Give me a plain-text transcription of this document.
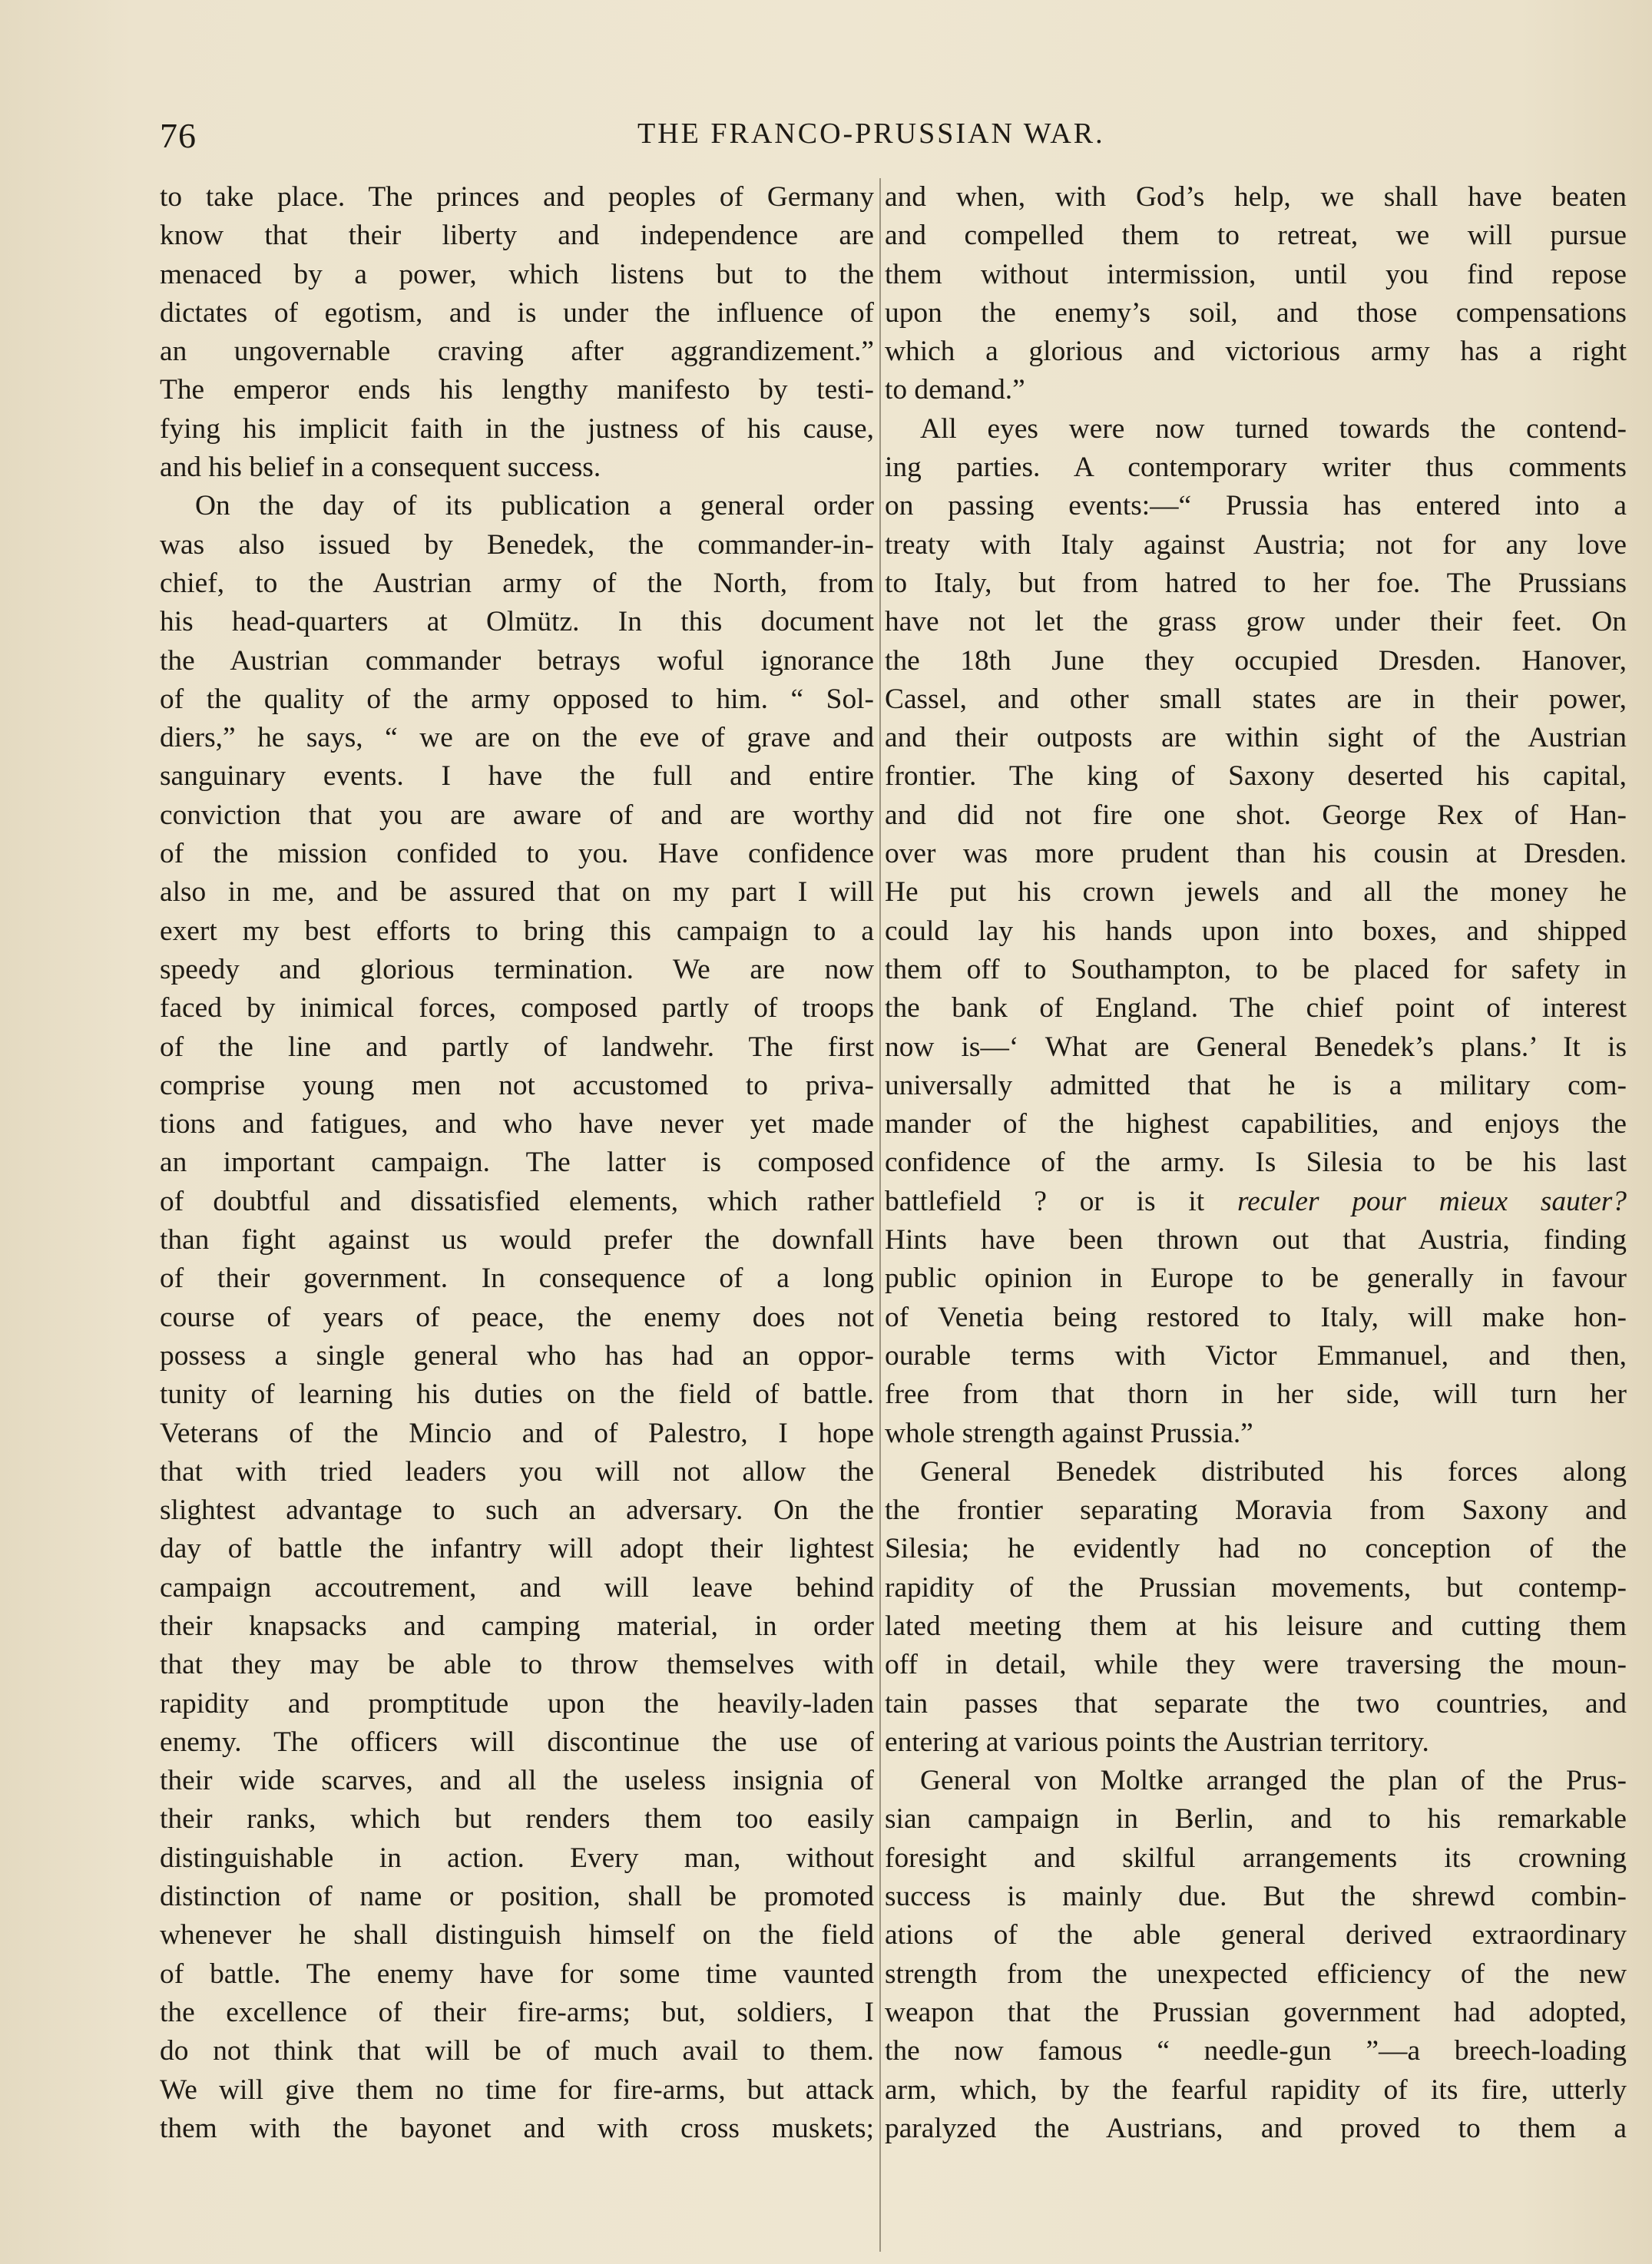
76	THE FRANCO-PRUSSIAN WAR.
to take place. The princes and peoples of Germany
know that their liberty and independence are
menaced by a power, which listens but to the
dictates of egotism, and is under the influence of
an ungovernable craving after aggrandizement.”
The emperor ends his lengthy manifesto by testi-
fying his implicit faith in the justness of his cause,
and his belief in a consequent success.
On the day of its publication a general order
was also issued by Benedek, the commander-in-
chief, to the Austrian army of the North, from
his head-quarters at Olmütz. In this document
the Austrian commander betrays woful ignorance
of the quality of the army opposed to him. “ Sol-
diers,” he says, “ we are on the eve of grave and
sanguinary events. I have the full and entire
conviction that you are aware of and are worthy
of the mission confided to you. Have confidence
also in me, and be assured that on my part I will
exert my best efforts to bring this campaign to a
speedy and glorious termination. We are now
faced by inimical forces, composed partly of troops
of the line and partly of landwehr. The first
comprise young men not accustomed to priva-
tions and fatigues, and who have never yet made
an important campaign. The latter is composed
of doubtful and dissatisfied elements, which rather
than fight against us would prefer the downfall
of their government. In consequence of a long
course of years of peace, the enemy does not
possess a single general who has had an oppor-
tunity of learning his duties on the field of battle.
Veterans of the Mincio and of Palestro, I hope
that with tried leaders you will not allow the
slightest advantage to such an adversary. On the
day of battle the infantry will adopt their lightest
campaign accoutrement, and will leave behind
their knapsacks and camping material, in order
that they may be able to throw themselves with
rapidity and promptitude upon the heavily-laden
enemy. The officers will discontinue the use of
their wide scarves, and all the useless insignia of
their ranks, which but renders them too easily
distinguishable in action. Every man, without
distinction of name or position, shall be promoted
whenever he shall distinguish himself on the field
of battle. The enemy have for some time vaunted
the excellence of their fire-arms; but, soldiers, I
do not think that will be of much avail to them.
We will give them no time for fire-arms, but attack
them with the bayonet and with cross muskets;
and when, with God’s help, we shall have beaten
and compelled them to retreat, we will pursue
them without intermission, until you find repose
upon the enemy’s soil, and those compensations
which a glorious and victorious army has a right
to demand.”
All eyes were now turned towards the contend-
ing parties. A contemporary writer thus comments
on passing events:—“ Prussia has entered into a
treaty with Italy against Austria; not for any love
to Italy, but from hatred to her foe. The Prussians
have not let the grass grow under their feet. On
the 18th June they occupied Dresden. Hanover,
Cassel, and other small states are in their power,
and their outposts are within sight of the Austrian
frontier. The king of Saxony deserted his capital,
and did not fire one shot. George Rex of Han-
over was more prudent than his cousin at Dresden.
He put his crown jewels and all the money he
could lay his hands upon into boxes, and shipped
them off to Southampton, to be placed for safety in
the bank of England. The chief point of interest
now is—‘ What are General Benedek’s plans.’ It is
universally admitted that he is a military com-
mander of the highest capabilities, and enjoys the
confidence of the army. Is Silesia to be his last
battlefield ? or is it reculer pour mieux sauter?
Hints have been thrown out that Austria, finding
public opinion in Europe to be generally in favour
of Venetia being restored to Italy, will make hon-
ourable terms with Victor Emmanuel, and then,
free from that thorn in her side, will turn her
whole strength against Prussia.”
General Benedek distributed his forces along
the frontier separating Moravia from Saxony and
Silesia; he evidently had no conception of the
rapidity of the Prussian movements, but contemp-
lated meeting them at his leisure and cutting them
off in detail, while they were traversing the moun-
tain passes that separate the two countries, and
entering at various points the Austrian territory.
General von Moltke arranged the plan of the Prus-
sian campaign in Berlin, and to his remarkable
foresight and skilful arrangements its crowning
success is mainly due. But the shrewd combin-
ations of the able general derived extraordinary
strength from the unexpected efficiency of the new
weapon that the Prussian government had adopted,
the now famous “ needle-gun ”—a breech-loading
arm, which, by the fearful rapidity of its fire, utterly
paralyzed the Austrians, and proved to them a
